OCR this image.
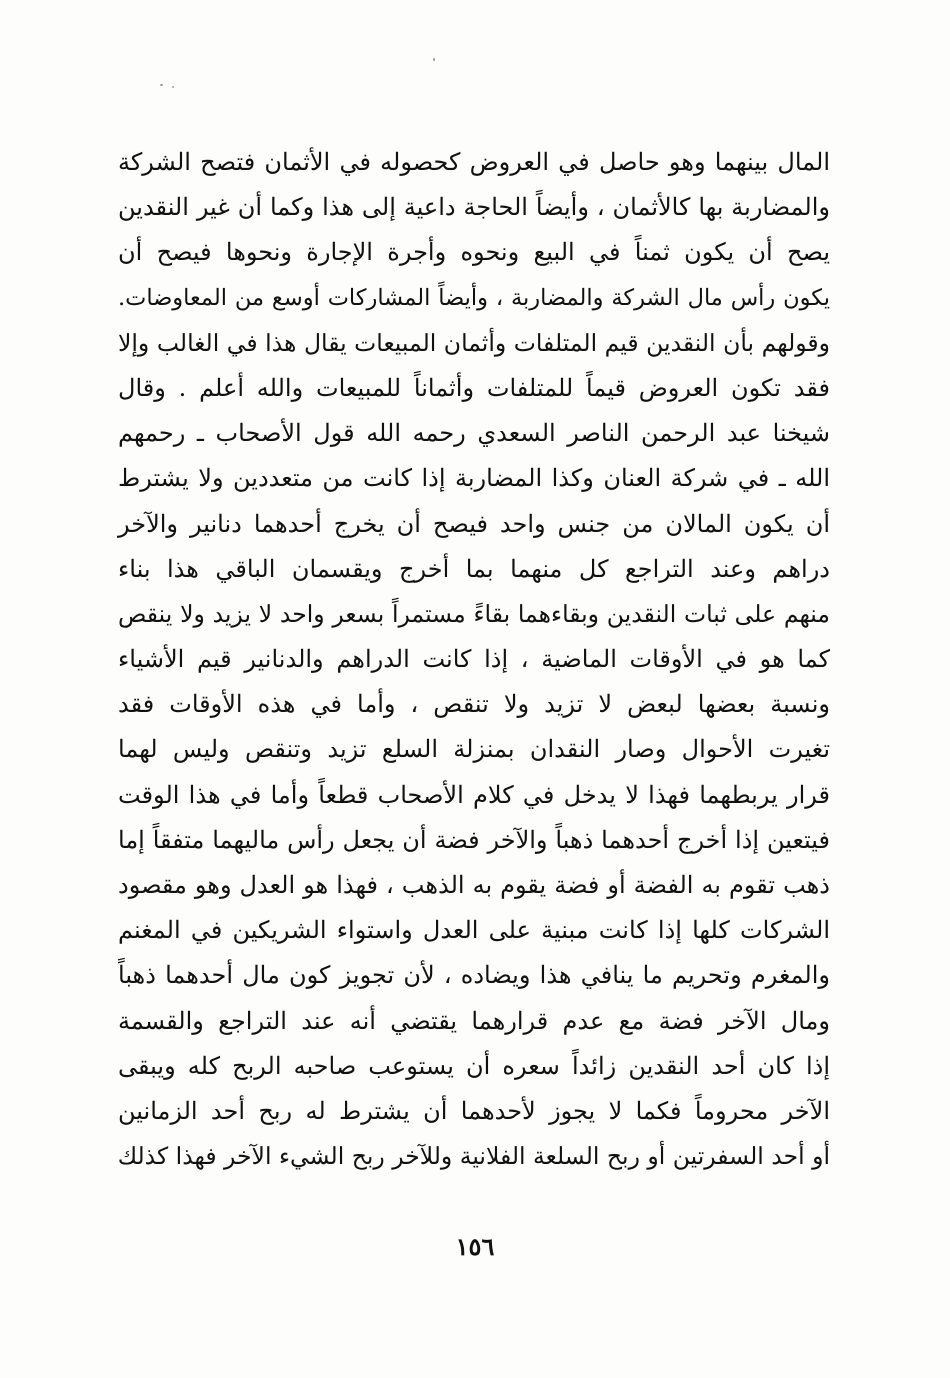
المال بينهما وهو حاصل في العروض كحصوله في الأثمان فتصح الشركة
والمضاربة بها كالأثمان ، وأيضاً الحاجة داعية إلى هذا وكما أن غير النقدين
يصح أن يكون ثمناً في البيع ونحوه وأجرة الإجارة ونحوها فيصح أن
يكون رأس مال الشركة والمضاربة ، وأيضاً المشاركات أوسع من المعاوضات.
وقولهم بأن النقدين قيم المتلفات وأثمان المبيعات يقال هذا في الغالب وإلا
فقد تكون العروض قيماً للمتلفات وأثماناً للمبيعات والله أعلم . وقال
شيخنا عبد الرحمن الناصر السعدي رحمه الله قول الأصحاب ـ رحمهم
الله ـ في شركة العنان وكذا المضاربة إذا كانت من متعددين ولا يشترط
أن يكون المالان من جنس واحد فيصح أن يخرج أحدهما دنانير والآخر
دراهم وعند التراجع كل منهما بما أخرج ويقسمان الباقي هذا بناء
منهم على ثبات النقدين وبقاءهما بقاءً مستمراً بسعر واحد لا يزيد ولا ينقص
كما هو في الأوقات الماضية ، إذا كانت الدراهم والدنانير قيم الأشياء
ونسبة بعضها لبعض لا تزيد ولا تنقص ، وأما في هذه الأوقات فقد
تغيرت الأحوال وصار النقدان بمنزلة السلع تزيد وتنقص وليس لهما
قرار يربطهما فهذا لا يدخل في كلام الأصحاب قطعاً وأما في هذا الوقت
فيتعين إذا أخرج أحدهما ذهباً والآخر فضة أن يجعل رأس ماليهما متفقاً إما
ذهب تقوم به الفضة أو فضة يقوم به الذهب ، فهذا هو العدل وهو مقصود
الشركات كلها إذا كانت مبنية على العدل واستواء الشريكين في المغنم
والمغرم وتحريم ما ينافي هذا ويضاده ، لأن تجويز كون مال أحدهما ذهباً
ومال الآخر فضة مع عدم قرارهما يقتضي أنه عند التراجع والقسمة
إذا كان أحد النقدين زائداً سعره أن يستوعب صاحبه الربح كله ويبقى
الآخر محروماً فكما لا يجوز لأحدهما أن يشترط له ربح أحد الزمانين
أو أحد السفرتين أو ربح السلعة الفلانية وللآخر ربح الشيء الآخر فهذا كذلك
١٥٦
